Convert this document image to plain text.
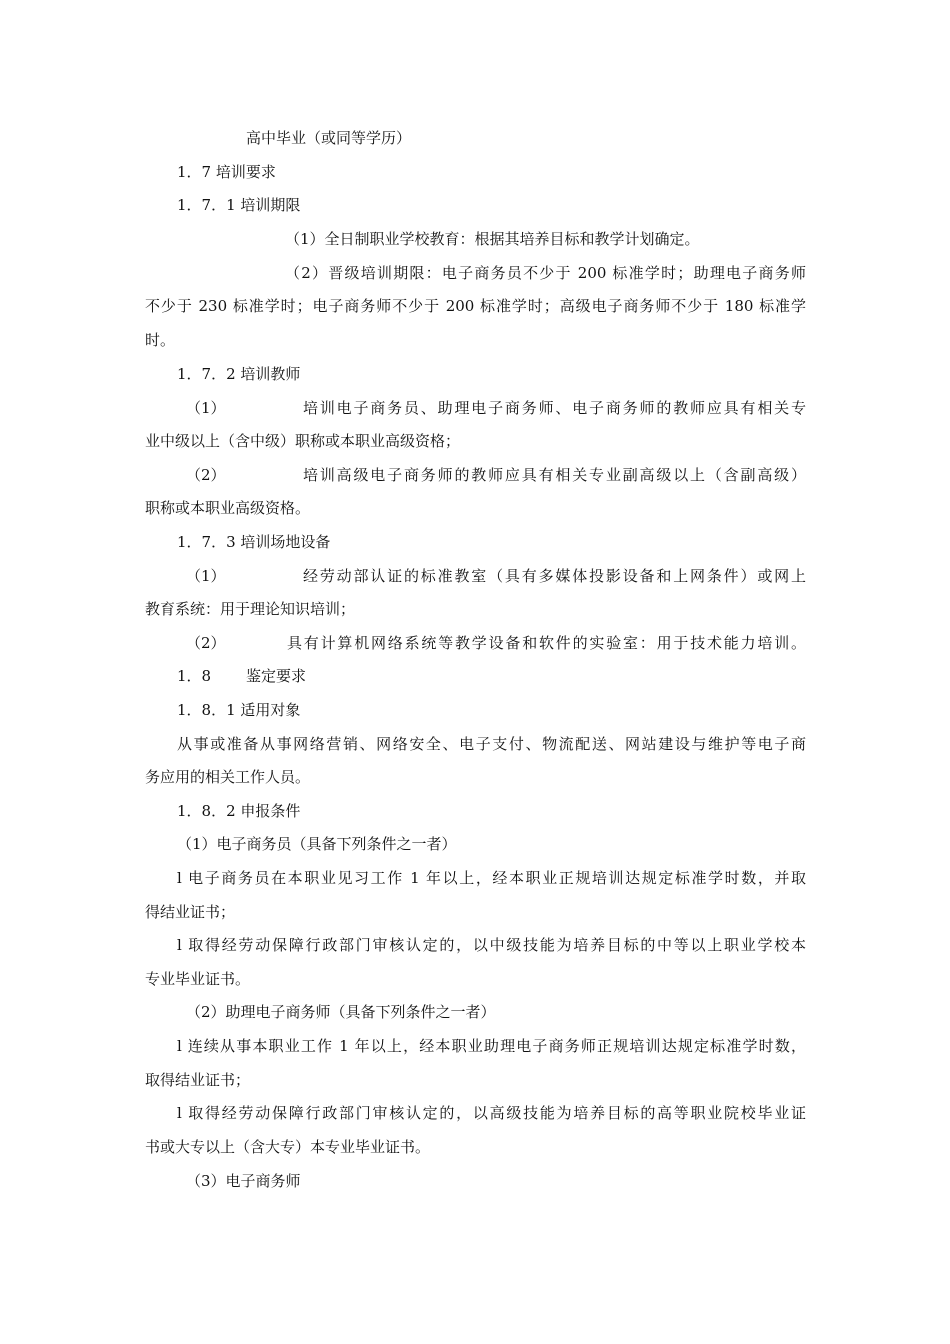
高中毕业（或同等学历）
1．7 培训要求
1．7．1 培训期限
（1）全日制职业学校教育：根据其培养目标和教学计划确定。
（2）晋级培训期限：电子商务员不少于 200 标准学时；助理电子商务师
不少于 230 标准学时；电子商务师不少于 200 标准学时；高级电子商务师不少于 180 标准学
时。
1．7．2 培训教师
（1）	培训电子商务员、助理电子商务师、电子商务师的教师应具有相关专
业中级以上（含中级）职称或本职业高级资格；
（2）	培训高级电子商务师的教师应具有相关专业副高级以上（含副高级）
职称或本职业高级资格。
1．7．3 培训场地设备
（1）	经劳动部认证的标准教室（具有多媒体投影设备和上网条件）或网上
教育系统：用于理论知识培训；
（2）	具有计算机网络系统等教学设备和软件的实验室：用于技术能力培训。
1．8	鉴定要求
1．8．1 适用对象
从事或准备从事网络营销、网络安全、电子支付、物流配送、网站建设与维护等电子商
务应用的相关工作人员。
1．8．2 申报条件
（1）电子商务员（具备下列条件之一者）
l 电子商务员在本职业见习工作 1 年以上，经本职业正规培训达规定标准学时数，并取
得结业证书；
l 取得经劳动保障行政部门审核认定的，以中级技能为培养目标的中等以上职业学校本
专业毕业证书。
（2）助理电子商务师（具备下列条件之一者）
l 连续从事本职业工作 1 年以上，经本职业助理电子商务师正规培训达规定标准学时数，
取得结业证书；
l 取得经劳动保障行政部门审核认定的，以高级技能为培养目标的高等职业院校毕业证
书或大专以上（含大专）本专业毕业证书。
（3）电子商务师
